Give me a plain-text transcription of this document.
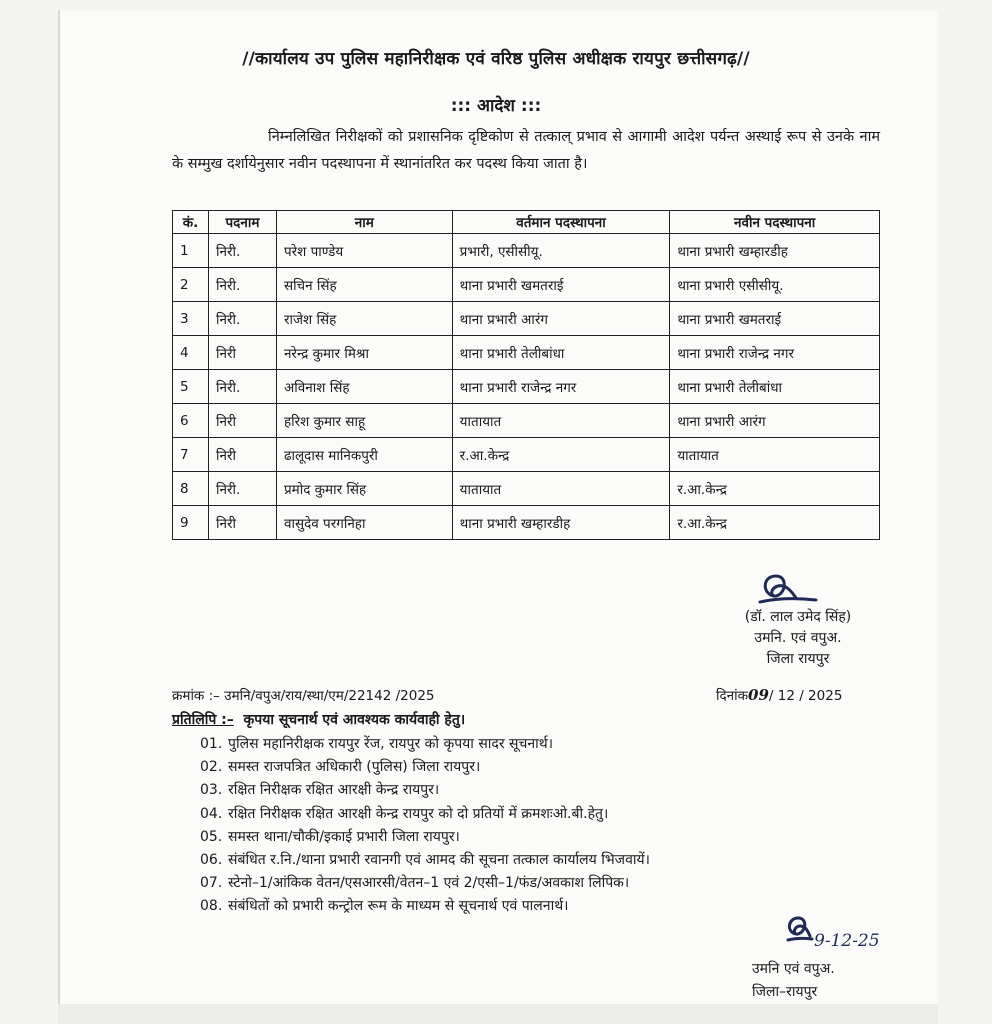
//कार्यालय उप पुलिस महानिरीक्षक एवं वरिष्ठ पुलिस अधीक्षक रायपुर छत्तीसगढ़//
::: आदेश :::
निम्नलिखित निरीक्षकों को प्रशासनिक दृष्टिकोण से तत्काल् प्रभाव से आगामी आदेश पर्यन्त अस्थाई रूप से उनके नाम के सम्मुख दर्शायेनुसार नवीन पदस्थापना में स्थानांतरित कर पदस्थ किया जाता है।
कं.	पदनाम	नाम	वर्तमान पदस्थापना	नवीन पदस्थापना
1	निरी.	परेश पाण्डेय	प्रभारी, एसीसीयू.	थाना प्रभारी खम्हारडीह
2	निरी.	सचिन सिंह	थाना प्रभारी खमतराई	थाना प्रभारी एसीसीयू.
3	निरी.	राजेश सिंह	थाना प्रभारी आरंग	थाना प्रभारी खमतराई
4	निरी	नरेन्द्र कुमार मिश्रा	थाना प्रभारी तेलीबांधा	थाना प्रभारी राजेन्द्र नगर
5	निरी.	अविनाश सिंह	थाना प्रभारी राजेन्द्र नगर	थाना प्रभारी तेलीबांधा
6	निरी	हरिश कुमार साहू	यातायात	थाना प्रभारी आरंग
7	निरी	ढालूदास मानिकपुरी	र.आ.केन्द्र	यातायात
8	निरी.	प्रमोद कुमार सिंह	यातायात	र.आ.केन्द्र
9	निरी	वासुदेव परगनिहा	थाना प्रभारी खम्हारडीह	र.आ.केन्द्र
(डॉ. लाल उमेद सिंह)
उमनि. एवं वपुअ.
जिला रायपुर
क्रमांक :– उमनि/वपुअ/राय/स्था/एम/22142 /2025	दिनांक09/ 12 / 2025
प्रतिलिपि :– कृपया सूचनार्थ एवं आवश्यक कार्यवाही हेतु।
01. पुलिस महानिरीक्षक रायपुर रेंज, रायपुर को कृपया सादर सूचनार्थ।
02. समस्त राजपत्रित अधिकारी (पुलिस) जिला रायपुर।
03. रक्षित निरीक्षक रक्षित आरक्षी केन्द्र रायपुर।
04. रक्षित निरीक्षक रक्षित आरक्षी केन्द्र रायपुर को दो प्रतियों में क्रमशःओ.बी.हेतु।
05. समस्त थाना/चौकी/इकाई प्रभारी जिला रायपुर।
06. संबंधित र.नि./थाना प्रभारी रवानगी एवं आमद की सूचना तत्काल कार्यालय भिजवायें।
07. स्टेनो–1/आंकिक वेतन/एसआरसी/वेतन–1 एवं 2/एसी–1/फंड/अवकाश लिपिक।
08. संबंधितों को प्रभारी कन्ट्रोल रूम के माध्यम से सूचनार्थ एवं पालनार्थ।
9-12-25
उमनि एवं वपुअ.
जिला–रायपुर
